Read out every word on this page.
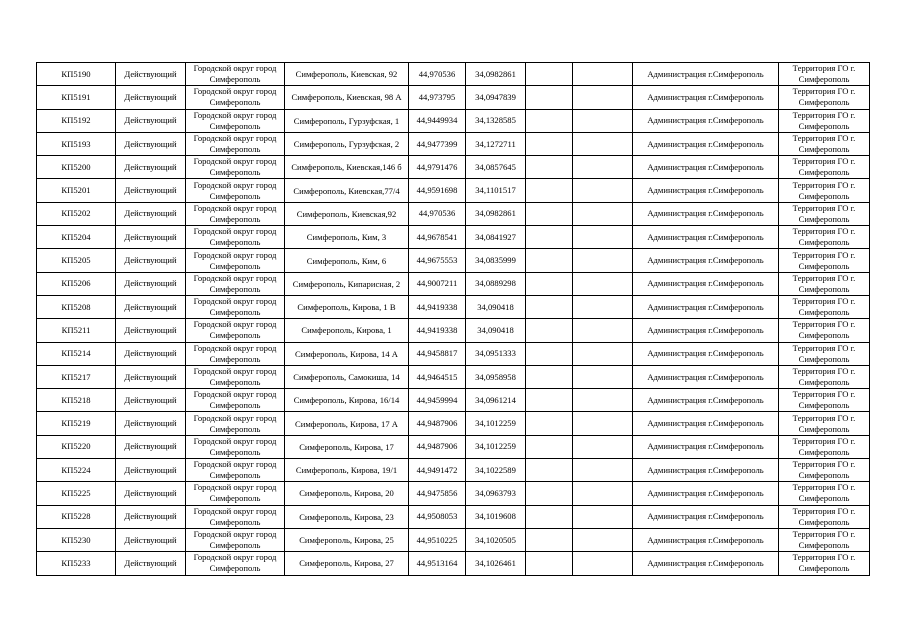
КП5190	Действующий	Городской округ город Симферополь	Симферополь, Киевская, 92	44,970536	34,0982861			Администрация г.Симферополь	Территория ГО г. Симферополь
КП5191	Действующий	Городской округ город Симферополь	Симферополь, Киевская, 98 А	44,973795	34,0947839			Администрация г.Симферополь	Территория ГО г. Симферополь
КП5192	Действующий	Городской округ город Симферополь	Симферополь, Гурзуфская, 1	44,9449934	34,1328585			Администрация г.Симферополь	Территория ГО г. Симферополь
КП5193	Действующий	Городской округ город Симферополь	Симферополь, Гурзуфская, 2	44,9477399	34,1272711			Администрация г.Симферополь	Территория ГО г. Симферополь
КП5200	Действующий	Городской округ город Симферополь	Симферополь, Киевская,146 б	44,9791476	34,0857645			Администрация г.Симферополь	Территория ГО г. Симферополь
КП5201	Действующий	Городской округ город Симферополь	Симферополь, Киевская,77/4	44,9591698	34,1101517			Администрация г.Симферополь	Территория ГО г. Симферополь
КП5202	Действующий	Городской округ город Симферополь	Симферополь, Киевская,92	44,970536	34,0982861			Администрация г.Симферополь	Территория ГО г. Симферополь
КП5204	Действующий	Городской округ город Симферополь	Симферополь, Ким, 3	44,9678541	34,0841927			Администрация г.Симферополь	Территория ГО г. Симферополь
КП5205	Действующий	Городской округ город Симферополь	Симферополь, Ким, 6	44,9675553	34,0835999			Администрация г.Симферополь	Территория ГО г. Симферополь
КП5206	Действующий	Городской округ город Симферополь	Симферополь, Кипарисная, 2	44,9007211	34,0889298			Администрация г.Симферополь	Территория ГО г. Симферополь
КП5208	Действующий	Городской округ город Симферополь	Симферополь, Кирова, 1 В	44,9419338	34,090418			Администрация г.Симферополь	Территория ГО г. Симферополь
КП5211	Действующий	Городской округ город Симферополь	Симферополь, Кирова, 1	44,9419338	34,090418			Администрация г.Симферополь	Территория ГО г. Симферополь
КП5214	Действующий	Городской округ город Симферополь	Симферополь, Кирова, 14 А	44,9458817	34,0951333			Администрация г.Симферополь	Территория ГО г. Симферополь
КП5217	Действующий	Городской округ город Симферополь	Симферополь, Самокиша, 14	44,9464515	34,0958958			Администрация г.Симферополь	Территория ГО г. Симферополь
КП5218	Действующий	Городской округ город Симферополь	Симферополь, Кирова, 16/14	44,9459994	34,0961214			Администрация г.Симферополь	Территория ГО г. Симферополь
КП5219	Действующий	Городской округ город Симферополь	Симферополь, Кирова, 17 А	44,9487906	34,1012259			Администрация г.Симферополь	Территория ГО г. Симферополь
КП5220	Действующий	Городской округ город Симферополь	Симферополь, Кирова, 17	44,9487906	34,1012259			Администрация г.Симферополь	Территория ГО г. Симферополь
КП5224	Действующий	Городской округ город Симферополь	Симферополь, Кирова, 19/1	44,9491472	34,1022589			Администрация г.Симферополь	Территория ГО г. Симферополь
КП5225	Действующий	Городской округ город Симферополь	Симферополь, Кирова, 20	44,9475856	34,0963793			Администрация г.Симферополь	Территория ГО г. Симферополь
КП5228	Действующий	Городской округ город Симферополь	Симферополь, Кирова, 23	44,9508053	34,1019608			Администрация г.Симферополь	Территория ГО г. Симферополь
КП5230	Действующий	Городской округ город Симферополь	Симферополь, Кирова, 25	44,9510225	34,1020505			Администрация г.Симферополь	Территория ГО г. Симферополь
КП5233	Действующий	Городской округ город Симферополь	Симферополь, Кирова, 27	44,9513164	34,1026461			Администрация г.Симферополь	Территория ГО г. Симферополь
